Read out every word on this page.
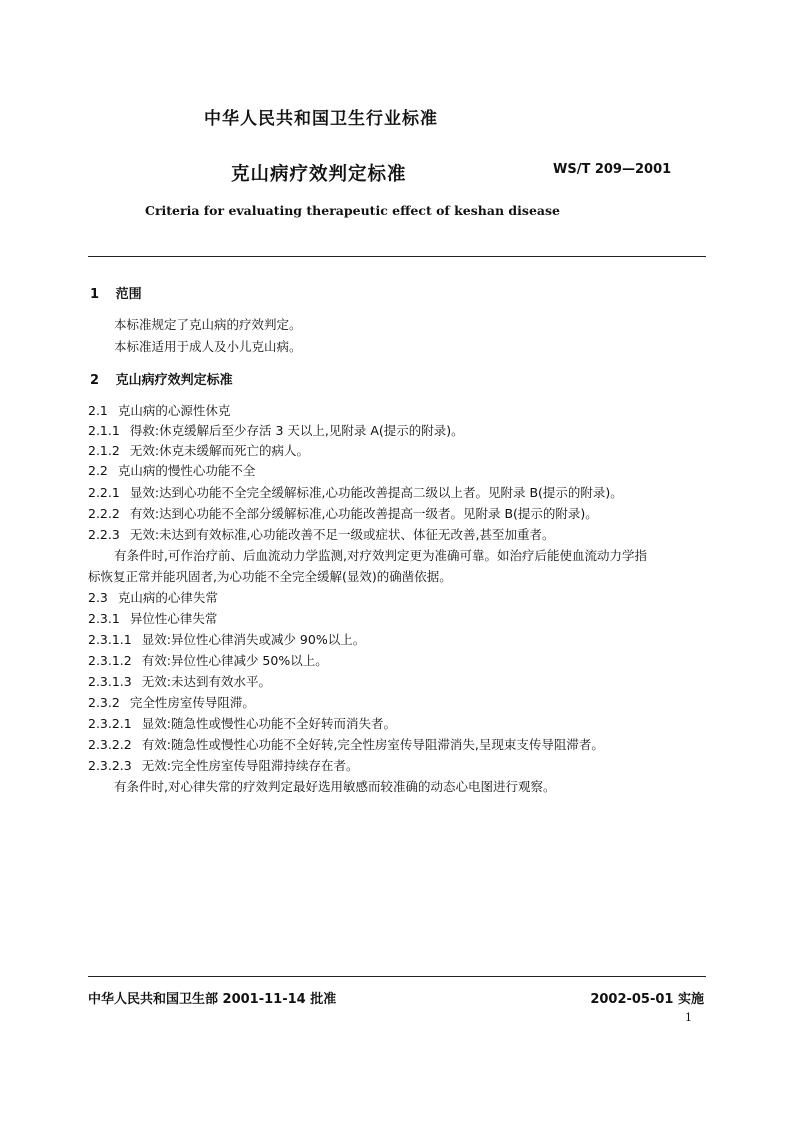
中华人民共和国卫生行业标准
克山病疗效判定标准	WS/T 209—2001
Criteria for evaluating therapeutic effect of keshan disease
1 范围
本标准规定了克山病的疗效判定。
本标准适用于成人及小儿克山病。
2 克山病疗效判定标准
2.1 克山病的心源性休克
2.1.1 得救:休克缓解后至少存活 3 天以上,见附录 A(提示的附录)。
2.1.2 无效:休克未缓解而死亡的病人。
2.2 克山病的慢性心功能不全
2.2.1 显效:达到心功能不全完全缓解标准,心功能改善提高二级以上者。见附录 B(提示的附录)。
2.2.2 有效:达到心功能不全部分缓解标准,心功能改善提高一级者。见附录 B(提示的附录)。
2.2.3 无效:未达到有效标准,心功能改善不足一级或症状、体征无改善,甚至加重者。
有条件时,可作治疗前、后血流动力学监测,对疗效判定更为准确可靠。如治疗后能使血流动力学指
标恢复正常并能巩固者,为心功能不全完全缓解(显效)的确凿依据。
2.3 克山病的心律失常
2.3.1 异位性心律失常
2.3.1.1 显效:异位性心律消失或减少 90%以上。
2.3.1.2 有效:异位性心律减少 50%以上。
2.3.1.3 无效:未达到有效水平。
2.3.2 完全性房室传导阻滞。
2.3.2.1 显效:随急性或慢性心功能不全好转而消失者。
2.3.2.2 有效:随急性或慢性心功能不全好转,完全性房室传导阻滞消失,呈现束支传导阻滞者。
2.3.2.3 无效:完全性房室传导阻滞持续存在者。
有条件时,对心律失常的疗效判定最好选用敏感而较准确的动态心电图进行观察。
中华人民共和国卫生部 2001-11-14 批准	2002-05-01 实施
1
